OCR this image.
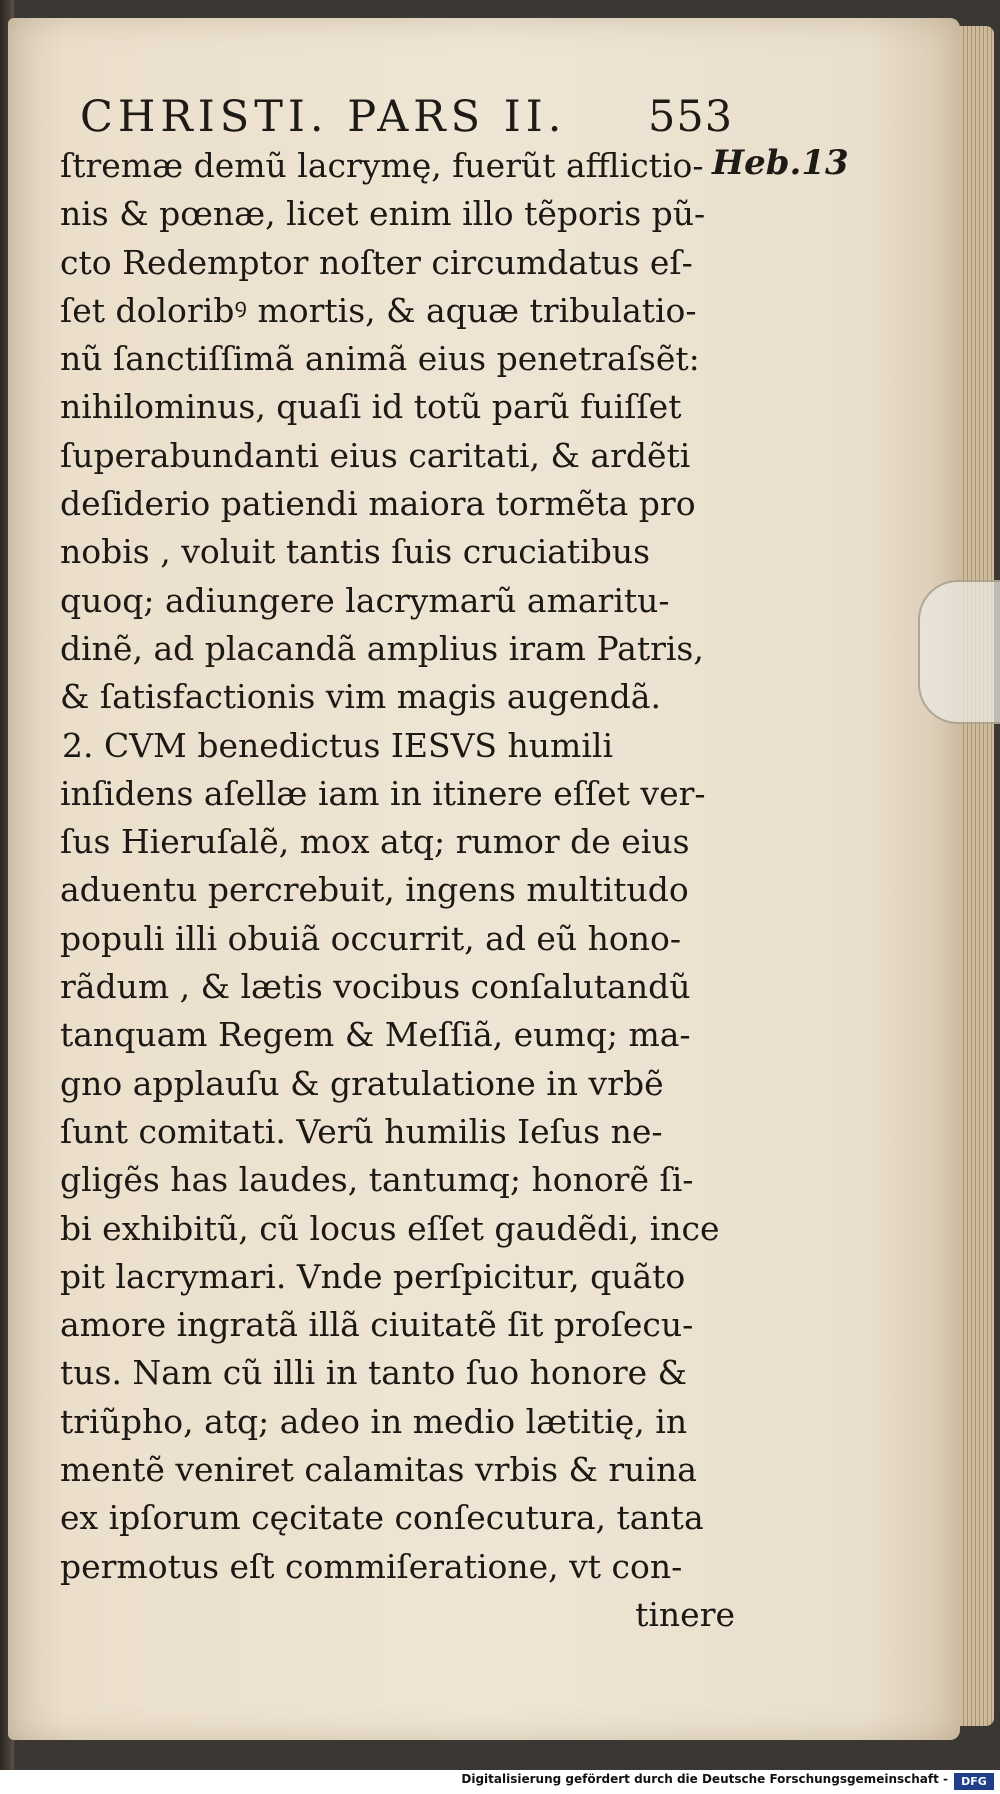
CHRISTI. PARS II. 553
Heb.13
ſtremæ demũ lacrymę, fuerũt afflictio-
nis & pœnæ, licet enim illo tẽporis pũ-
cto Redemptor noſter circumdatus eſ-
ſet doloribꝰ mortis, & aquæ tribulatio-
nũ ſanctiſſimã animã eius penetraſsẽt:
nihilominus, quaſi id totũ parũ fuiſſet
ſuperabundanti eius caritati, & ardẽti
deſiderio patiendi maiora tormẽta pro
nobis , voluit tantis ſuis cruciatibus
quoq; adiungere lacrymarũ amaritu-
dinẽ, ad placandã amplius iram Patris,
& ſatisfactionis vim magis augendã.
2. CVM benedictus IESVS humili
inſidens aſellæ iam in itinere eſſet ver-
ſus Hieruſalẽ, mox atq; rumor de eius
aduentu percrebuit, ingens multitudo
populi illi obuiã occurrit, ad eũ hono-
rãdum , & lætis vocibus conſalutandũ
tanquam Regem & Meſſiã, eumq; ma-
gno applauſu & gratulatione in vrbẽ
ſunt comitati. Verũ humilis Ieſus ne-
gligẽs has laudes, tantumq; honorẽ ſi-
bi exhibitũ, cũ locus eſſet gaudẽdi, ince
pit lacrymari. Vnde perſpicitur, quãto
amore ingratã illã ciuitatẽ ſit proſecu-
tus. Nam cũ illi in tanto ſuo honore &
triũpho, atq; adeo in medio lætitię, in
mentẽ veniret calamitas vrbis & ruina
ex ipſorum cęcitate conſecutura, tanta
permotus eſt commiſeratione, vt con-
tinere
Digitalisierung gefördert durch die Deutsche Forschungsgemeinschaft -	DFG
